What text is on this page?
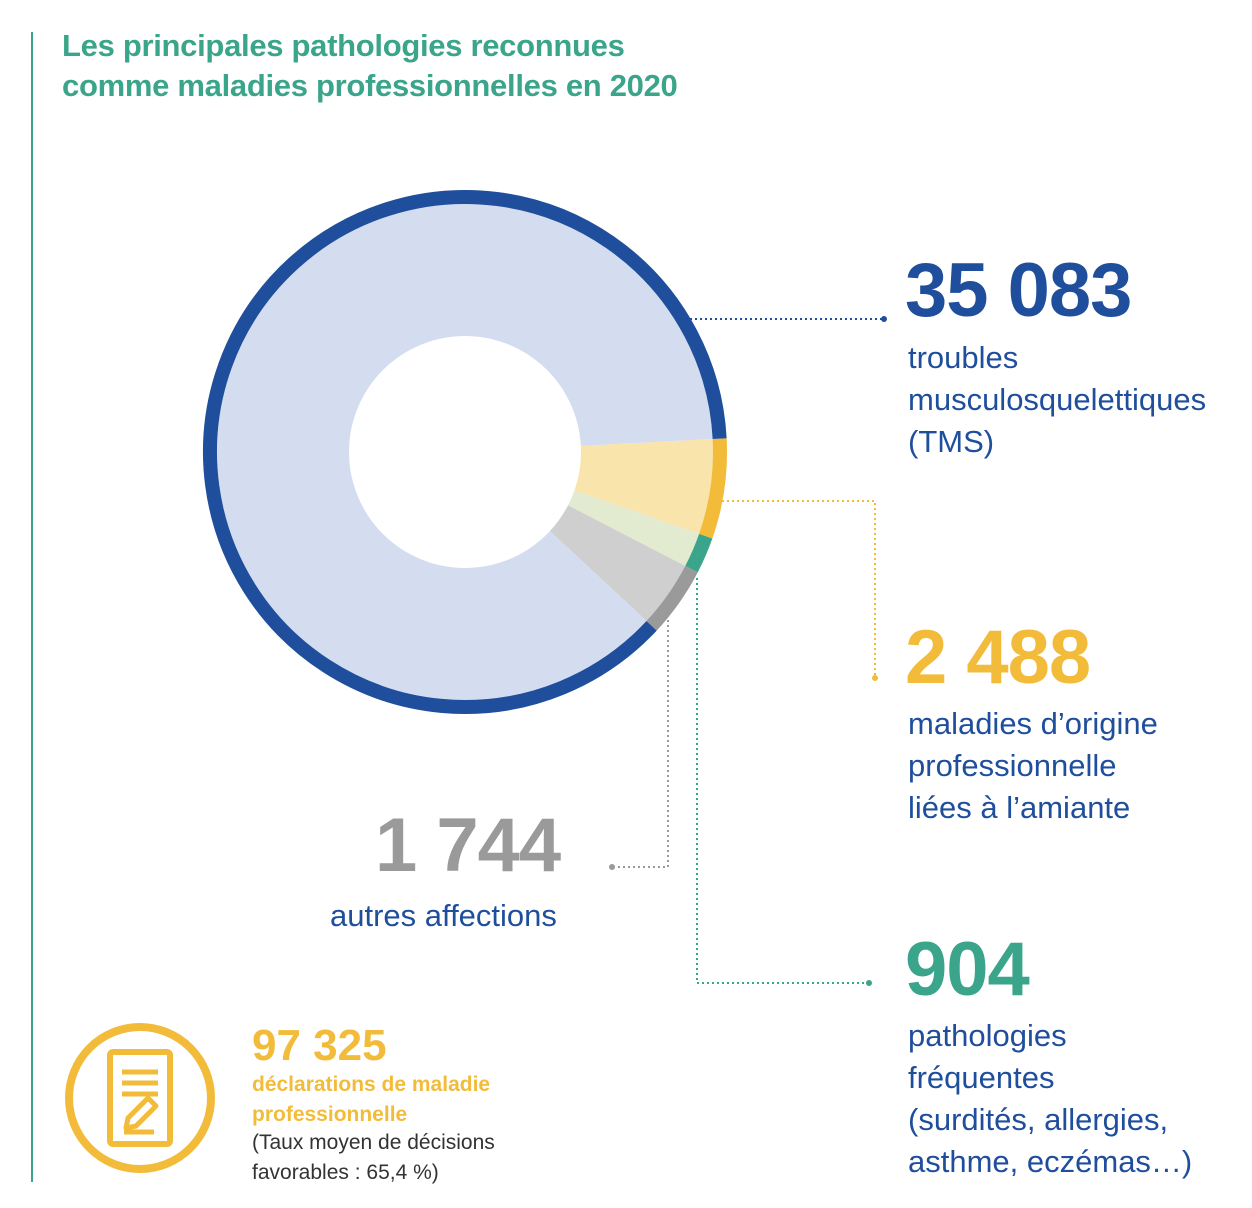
Les principales pathologies reconnues
comme maladies professionnelles en 2020
35 083
troubles
musculosquelettiques
(TMS)
2 488
maladies d’origine
professionnelle
liées à l’amiante
1 744
autres affections
904
pathologies
fréquentes
(surdités, allergies,
asthme, eczémas…)
97 325
déclarations de maladie
professionnelle
(Taux moyen de décisions
favorables : 65,4 %)
